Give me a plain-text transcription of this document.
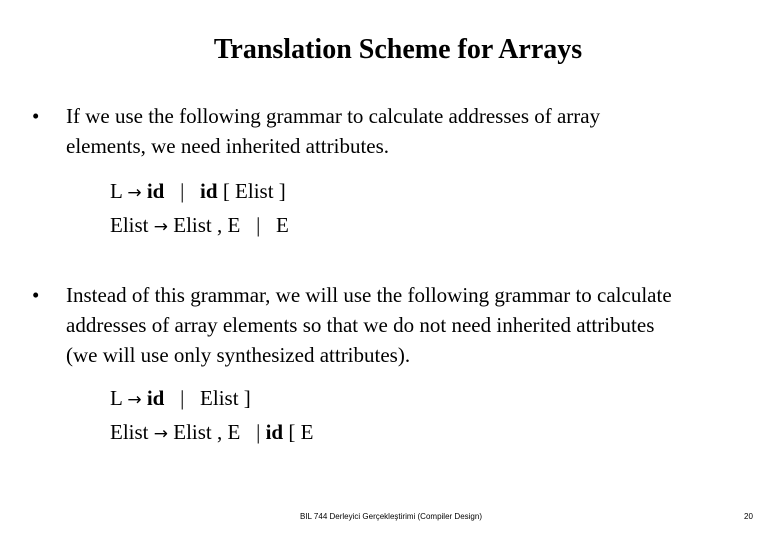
Translation Scheme for Arrays
• If we use the following grammar to calculate addresses of array
elements, we need inherited attributes.
L → id   |   id [ Elist ]
Elist → Elist , E   |   E
• Instead of this grammar, we will use the following grammar to calculate
addresses of array elements so that we do not need inherited attributes
(we will use only synthesized attributes).
L → id   |   Elist ]
Elist → Elist , E   | id [ E
BIL 744 Derleyici Gerçekleştirimi (Compiler Design)	20
